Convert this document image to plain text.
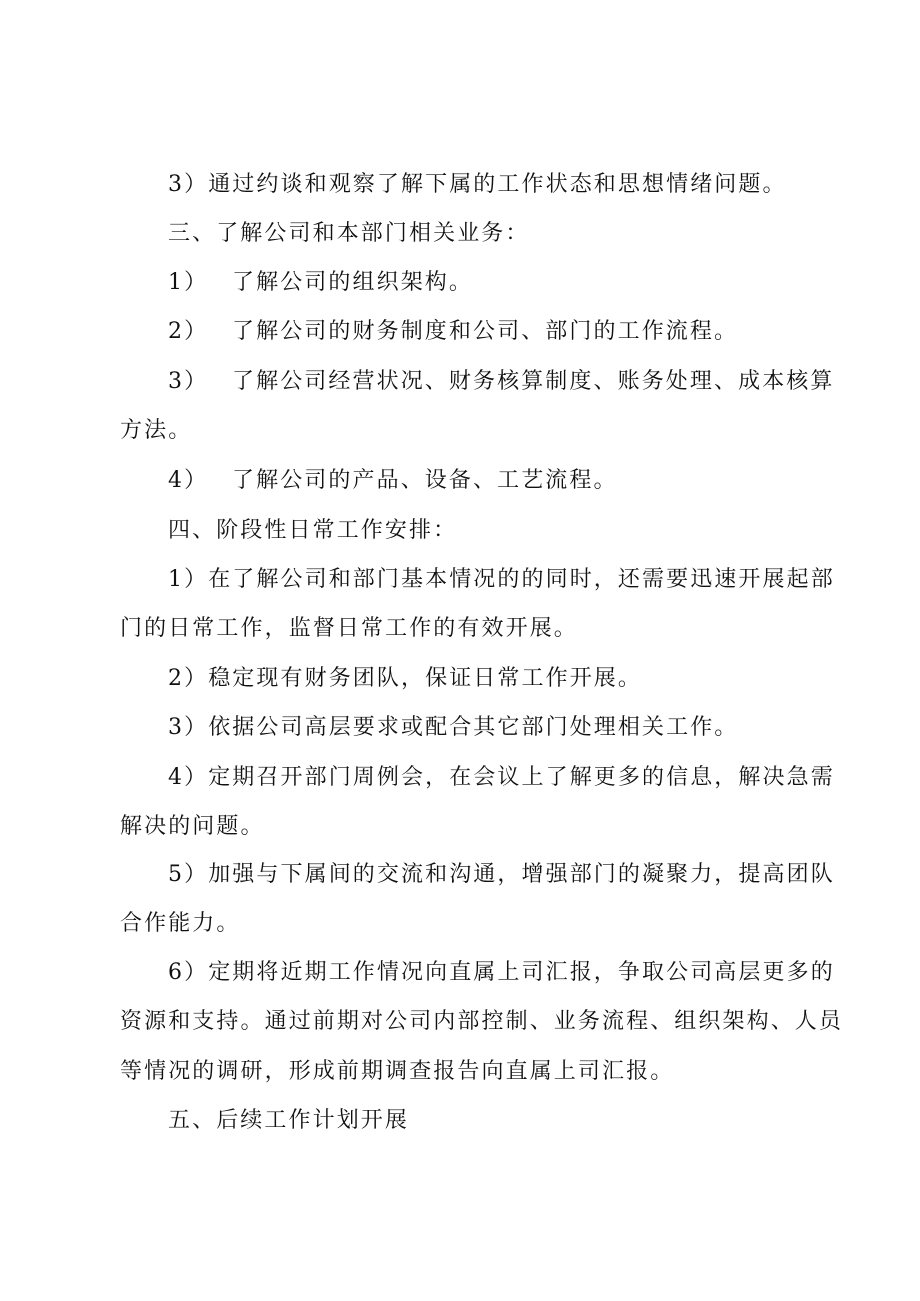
3）通过约谈和观察了解下属的工作状态和思想情绪问题。
三、了解公司和本部门相关业务：
1） 了解公司的组织架构。
2） 了解公司的财务制度和公司、部门的工作流程。
3） 了解公司经营状况、财务核算制度、账务处理、成本核算
方法。
4） 了解公司的产品、设备、工艺流程。
四、阶段性日常工作安排：
1）在了解公司和部门基本情况的的同时，还需要迅速开展起部
门的日常工作，监督日常工作的有效开展。
2）稳定现有财务团队，保证日常工作开展。
3）依据公司高层要求或配合其它部门处理相关工作。
4）定期召开部门周例会，在会议上了解更多的信息，解决急需
解决的问题。
5）加强与下属间的交流和沟通，增强部门的凝聚力，提高团队
合作能力。
6）定期将近期工作情况向直属上司汇报，争取公司高层更多的
资源和支持。通过前期对公司内部控制、业务流程、组织架构、人员
等情况的调研，形成前期调查报告向直属上司汇报。
五、后续工作计划开展
